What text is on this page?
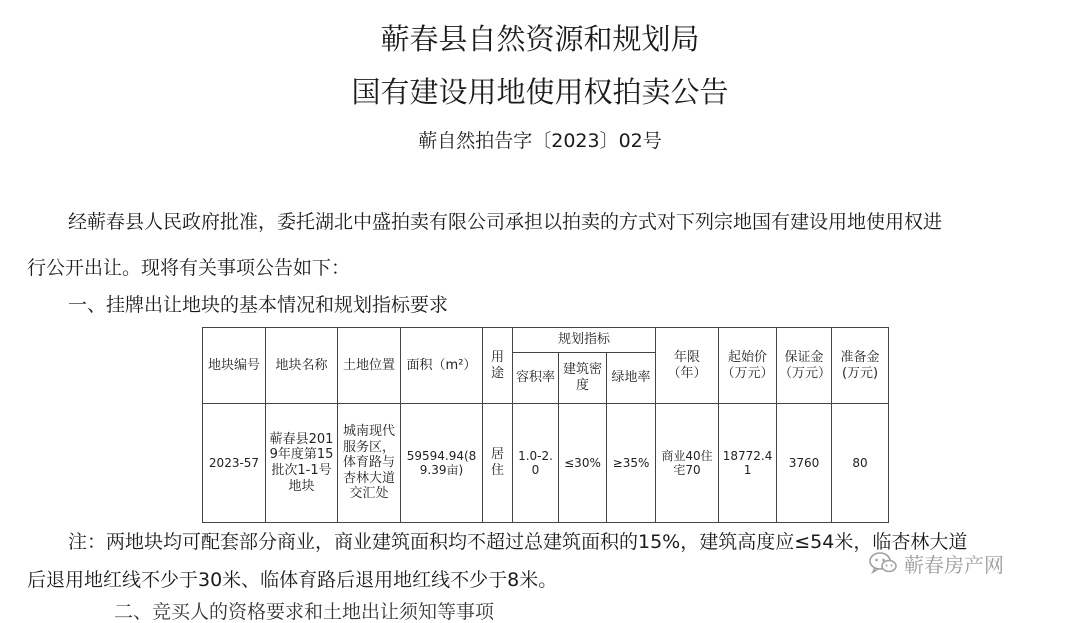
蕲春县自然资源和规划局
国有建设用地使用权拍卖公告
蕲自然拍告字〔2023〕02号
经蕲春县人民政府批准，委托湖北中盛拍卖有限公司承担以拍卖的方式对下列宗地国有建设用地使用权进
行公开出让。现将有关事项公告如下：
一、挂牌出让地块的基本情况和规划指标要求
地块编号	地块名称	土地位置	面积（m²）	用途	规划指标			年限（年）	起始价（万元）	保证金（万元）	准备金(万元)
					容积率	建筑密度	绿地率				
2023-57	蕲春县2019年度第15批次1-1号地块	城南现代服务区，体育路与杏林大道交汇处	59594.94(89.39亩)	居住	1.0-2.0	≤30%	≥35%	商业40住宅70	18772.41	3760	80
注：两地块均可配套部分商业，商业建筑面积均不超过总建筑面积的15%，建筑高度应≤54米，临杏林大道
后退用地红线不少于30米、临体育路后退用地红线不少于8米。
二、竞买人的资格要求和土地出让须知等事项
蕲春房产网
